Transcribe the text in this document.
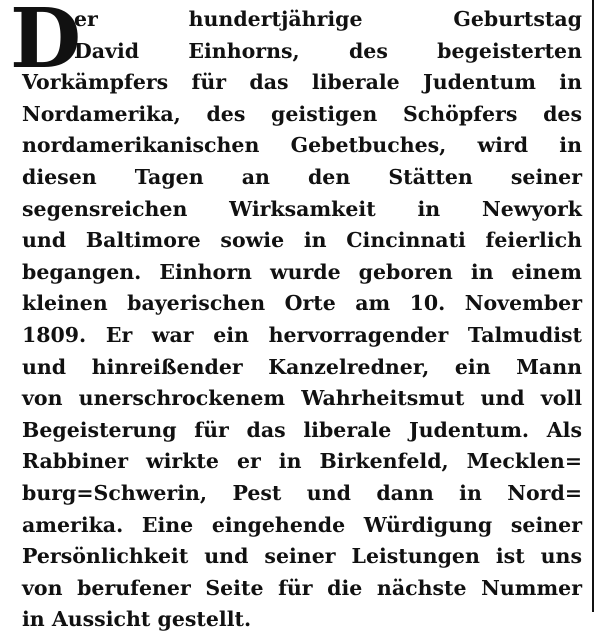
D
er hundertjährige Geburtstag
David Einhorns, des begeisterten
Vorkämpfers für das liberale Judentum in
Nordamerika, des geistigen Schöpfers des
nordamerikanischen Gebetbuches, wird in
diesen Tagen an den Stätten seiner
segensreichen Wirksamkeit in Newyork
und Baltimore sowie in Cincinnati feierlich
begangen. Einhorn wurde geboren in einem
kleinen bayerischen Orte am 10. November
1809. Er war ein hervorragender Talmudist
und hinreißender Kanzelredner, ein Mann
von unerschrockenem Wahrheitsmut und voll
Begeisterung für das liberale Judentum. Als
Rabbiner wirkte er in Birkenfeld, Mecklen=
burg=Schwerin, Pest und dann in Nord=
amerika. Eine eingehende Würdigung seiner
Persönlichkeit und seiner Leistungen ist uns
von berufener Seite für die nächste Nummer
in Aussicht gestellt.
